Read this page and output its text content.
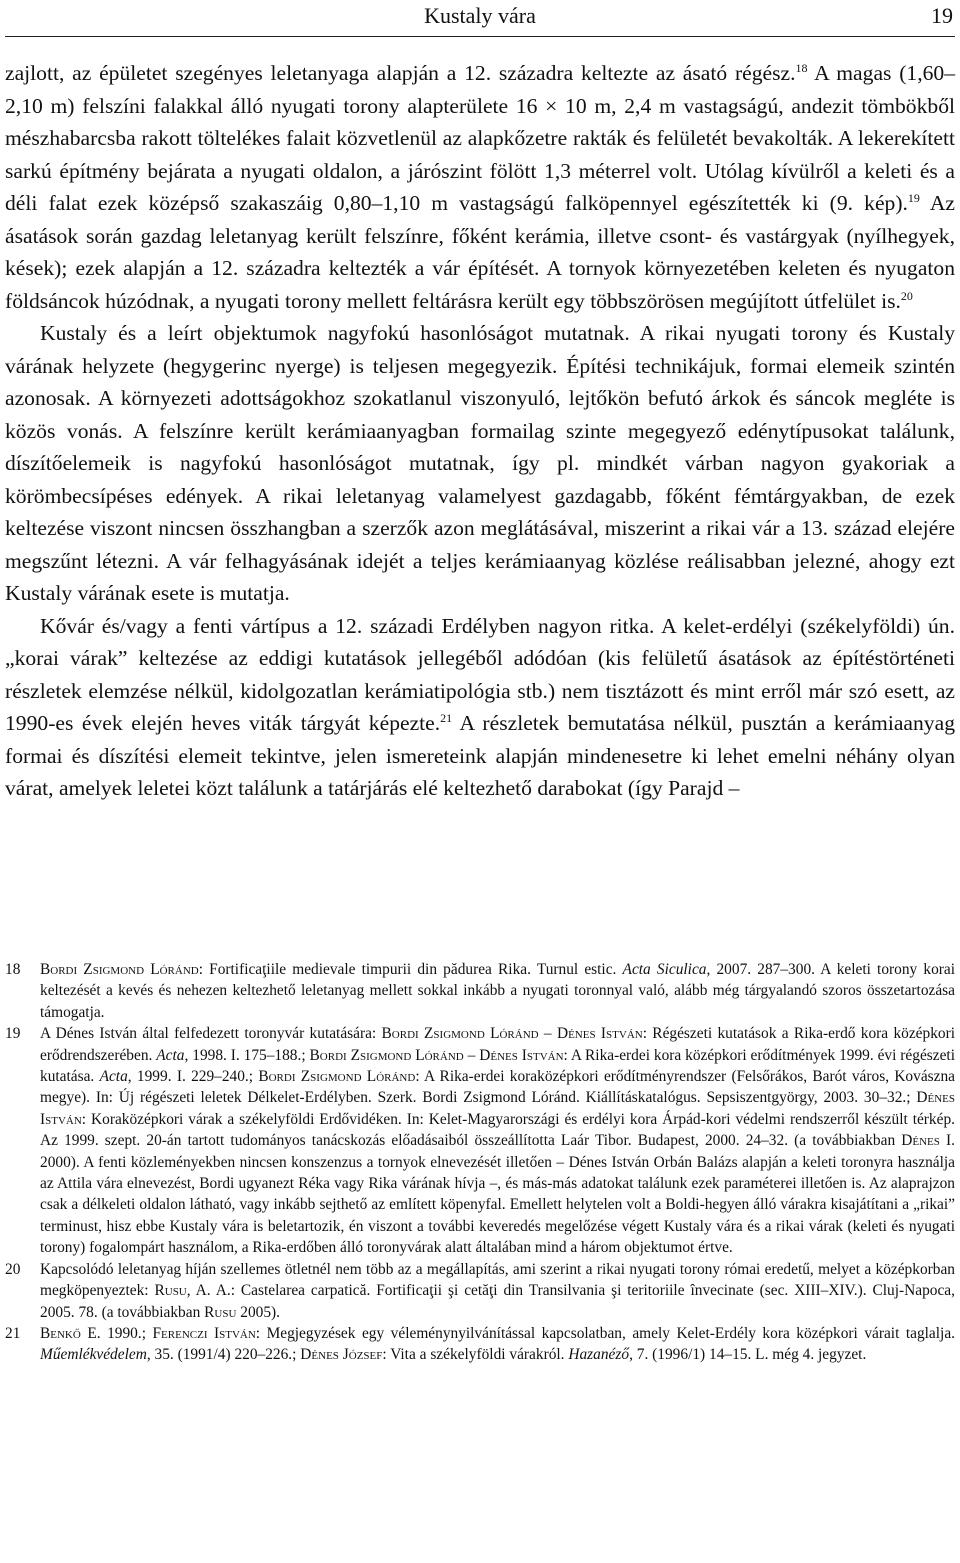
Kustaly vára	19

zajlott, az épületet szegényes leletanyaga alapján a 12. századra keltezte az ásató régész.$^{18}$ A magas (1,60–2,10 m) felszíni falakkal álló nyugati torony alapterülete 16 × 10 m, 2,4 m vastagságú, andezit tömbökből mészhabarcsba rakott töltelékes falait közvetlenül az alapkőzetre rakták és felületét bevakolták. A lekerekített sarkú építmény bejárata a nyugati oldalon, a járószint fölött 1,3 méterrel volt. Utólag kívülről a keleti és a déli falat ezek középső szakaszáig 0,80–1,10 m vastagságú falköpennyel egészítették ki (9. kép).$^{19}$ Az ásatások során gazdag leletanyag került felszínre, főként kerámia, illetve csont- és vastárgyak (nyílhegyek, kések); ezek alapján a 12. századra keltezték a vár építését. A tornyok környezetében keleten és nyugaton földsáncok húzódnak, a nyugati torony mellett feltárásra került egy többszörösen megújított útfelület is.$^{20}$

Kustaly és a leírt objektumok nagyfokú hasonlóságot mutatnak. A rikai nyugati torony és Kustaly várának helyzete (hegygerinc nyerge) is teljesen megegyezik. Építési technikájuk, formai elemeik szintén azonosak. A környezeti adottságokhoz szokatlanul viszonyuló, lejtőkön befutó árkok és sáncok megléte is közös vonás. A felszínre került kerámiaanyagban formailag szinte megegyező edénytípusokat találunk, díszítőelemeik is nagyfokú hasonlóságot mutatnak, így pl. mindkét várban nagyon gyakoriak a körömbecsípéses edények. A rikai leletanyag valamelyest gazdagabb, főként fémtárgyakban, de ezek keltezése viszont nincsen összhangban a szerzők azon meglátásával, miszerint a rikai vár a 13. század elejére megszűnt létezni. A vár felhagyásának idejét a teljes kerámiaanyag közlése reálisabban jelezné, ahogy ezt Kustaly várának esete is mutatja.

Kővár és/vagy a fenti vártípus a 12. századi Erdélyben nagyon ritka. A kelet-erdélyi (székelyföldi) ún. „korai várak” keltezése az eddigi kutatások jellegéből adódóan (kis felületű ásatások az építéstörténeti részletek elemzése nélkül, kidolgozatlan kerámiatipológia stb.) nem tisztázott és mint erről már szó esett, az 1990-es évek elején heves viták tárgyát képezte.$^{21}$ A részletek bemutatása nélkül, pusztán a kerámiaanyag formai és díszítési elemeit tekintve, jelen ismereteink alapján mindenesetre ki lehet emelni néhány olyan várat, amelyek leletei közt találunk a tatárjárás elé keltezhető darabokat (így Parajd –

18 Bordi Zsigmond Lóránd: Fortificaţiile medievale timpurii din pădurea Rika. Turnul estic. Acta Siculica, 2007. 287–300. A keleti torony korai keltezését a kevés és nehezen keltezhető leletanyag mellett sokkal inkább a nyugati toronnyal való, alább még tárgyalandó szoros összetartozása támogatja.
19 A Dénes István által felfedezett toronyvár kutatására: Bordi Zsigmond Lóránd – Dénes István: Régészeti kutatások a Rika-erdő kora középkori erődrendszerében. Acta, 1998. I. 175–188.; Bordi Zsigmond Lóránd – Dénes István: A Rika-erdei kora középkori erődítmények 1999. évi régészeti kutatása. Acta, 1999. I. 229–240.; Bordi Zsigmond Lóránd: A Rika-erdei koraközépkori erődítményrendszer (Felsőrákos, Barót város, Kovászna megye). In: Új régészeti leletek Délkelet-Erdélyben. Szerk. Bordi Zsigmond Lóránd. Kiállításkatalógus. Sepsiszentgyörgy, 2003. 30–32.; Dénes István: Koraközépkori várak a székelyföldi Erdővidéken. In: Kelet-Magyarországi és erdélyi kora Árpád-kori védelmi rendszerről készült térkép. Az 1999. szept. 20-án tartott tudományos tanácskozás előadásaiból összeállította Laár Tibor. Budapest, 2000. 24–32. (a továbbiakban Dénes I. 2000). A fenti közleményekben nincsen konszenzus a tornyok elnevezését illetően – Dénes István Orbán Balázs alapján a keleti toronyra használja az Attila vára elnevezést, Bordi ugyanezt Réka vagy Rika várának hívja –, és más-más adatokat találunk ezek paraméterei illetően is. Az alaprajzon csak a délkeleti oldalon látható, vagy inkább sejthető az említett köpenyfal. Emellett helytelen volt a Boldi-hegyen álló várakra kisajátítani a „rikai” terminust, hisz ebbe Kustaly vára is beletartozik, én viszont a további keveredés megelőzése végett Kustaly vára és a rikai várak (keleti és nyugati torony) fogalompárt használom, a Rika-erdőben álló toronyvárak alatt általában mind a három objektumot értve.
20 Kapcsolódó leletanyag híján szellemes ötletnél nem több az a megállapítás, ami szerint a rikai nyugati torony római eredetű, melyet a középkorban megköpenyeztek: Rusu, A. A.: Castelarea carpatică. Fortificaţii şi cetăţi din Transilvania şi teritoriile învecinate (sec. XIII–XIV.). Cluj-Napoca, 2005. 78. (a továbbiakban Rusu 2005).
21 Benkő E. 1990.; Ferenczi István: Megjegyzések egy véleménynyilvánítással kapcsolatban, amely Kelet-Erdély kora középkori várait taglalja. Műemlékvédelem, 35. (1991/4) 220–226.; Dénes József: Vita a székelyföldi várakról. Hazanéző, 7. (1996/1) 14–15. L. még 4. jegyzet.
